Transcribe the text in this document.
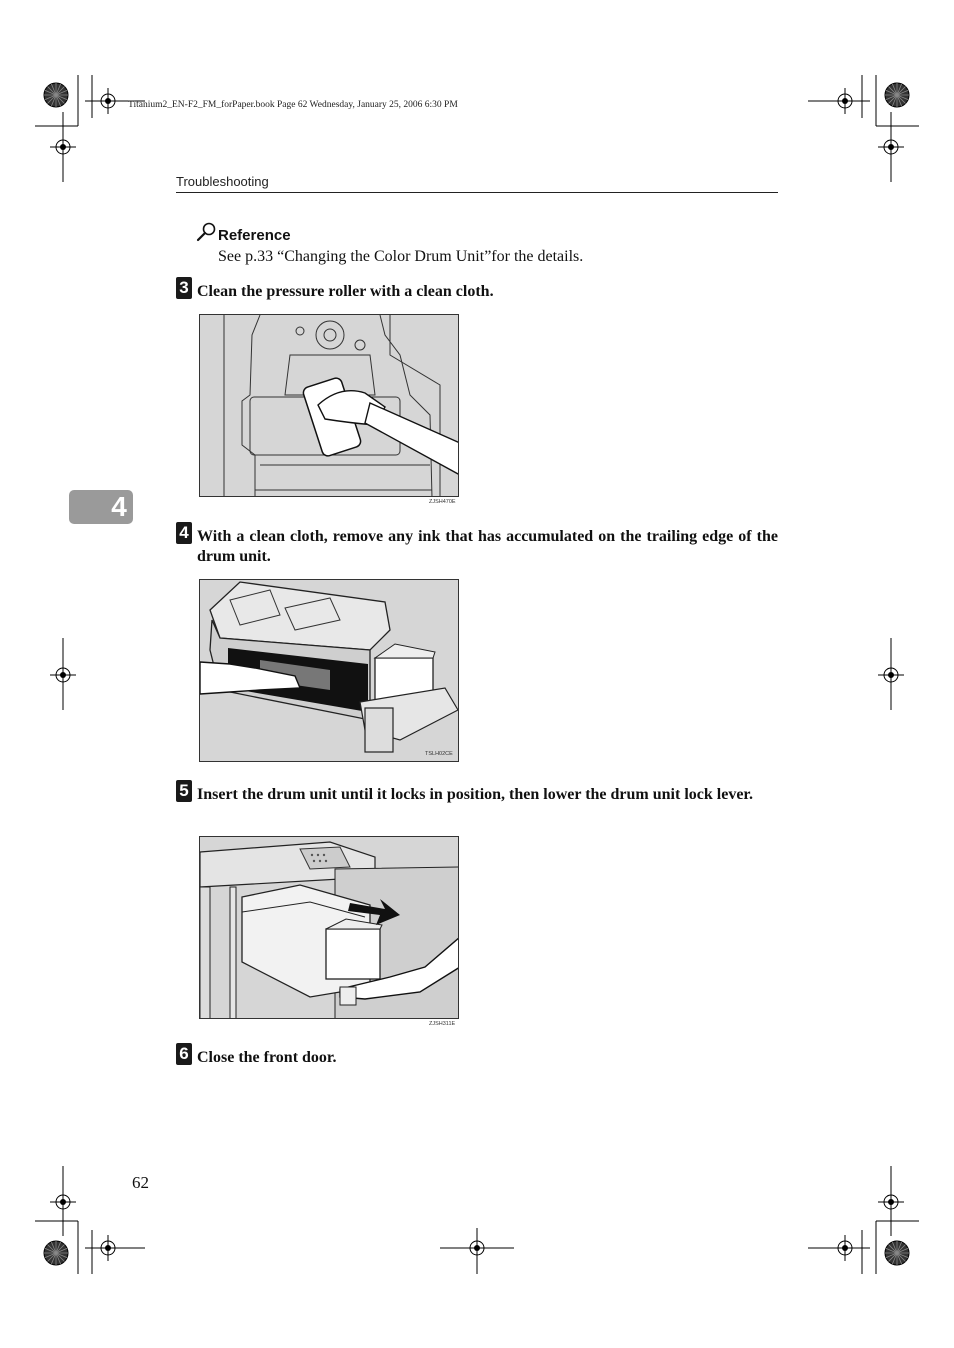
Titanium2_EN-F2_FM_forPaper.book Page 62 Wednesday, January 25, 2006 6:30 PM
Troubleshooting
Reference
See p.33 “Changing the Color Drum Unit”for the details.
3 Clean the pressure roller with a clean cloth.
ZJSH470E
4
4 With a clean cloth, remove any ink that has accumulated on the trailing edge of the drum unit.
TSLH02CE
5 Insert the drum unit until it locks in position, then lower the drum unit lock lever.
ZJSH311E
6 Close the front door.
62
